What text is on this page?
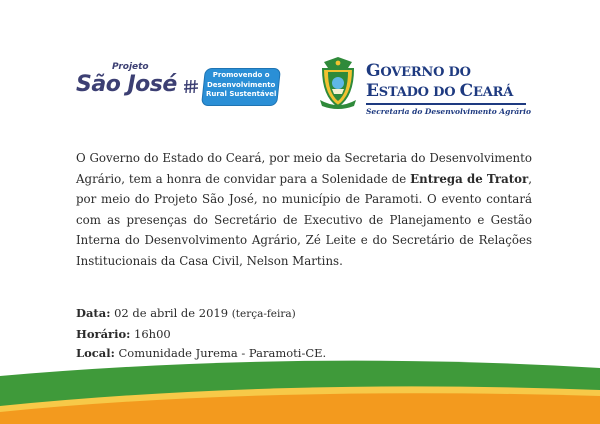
Projeto
São José	Promovendo o
Desenvolvimento
Rural Sustentável
GOVERNO DO
ESTADO DO CEARÁ
Secretaria do Desenvolvimento Agrário
O Governo do Estado do Ceará, por meio da Secretaria do Desenvolvimento Agrário, tem a honra de convidar para a Solenidade de Entrega de Trator, por meio do Projeto São José, no município de Paramoti. O evento contará com as presenças do Secretário de Executivo de Planejamento e Gestão Interna do Desenvolvimento Agrário, Zé Leite e do Secretário de Relações Institucionais da Casa Civil, Nelson Martins.
Data: 02 de abril de 2019 (terça-feira)
Horário: 16h00
Local: Comunidade Jurema - Paramoti-CE.
